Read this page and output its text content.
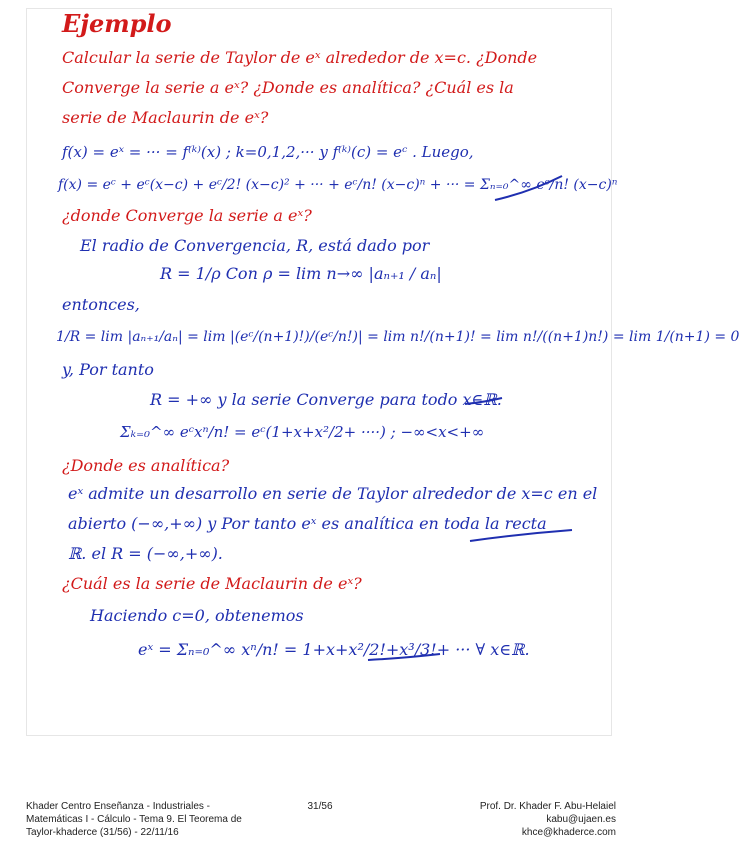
Ejemplo
Calcular la serie de Taylor de eˣ alrededor de x=c. ¿Donde
Converge la serie a eˣ? ¿Donde es analítica? ¿Cuál es la
serie de Maclaurin de eˣ?
f(x) = eˣ = ··· = f⁽ᵏ⁾(x) ; k=0,1,2,··· y f⁽ᵏ⁾(c) = eᶜ . Luego,
f(x) = eᶜ + eᶜ(x−c) + eᶜ/2! (x−c)² + ··· + eᶜ/n! (x−c)ⁿ + ··· = Σₙ₌₀^∞ eᶜ/n! (x−c)ⁿ
¿donde Converge la serie a eˣ?
El radio de Convergencia, R, está dado por
R = 1/ρ Con ρ = lim n→∞ |aₙ₊₁ / aₙ|
entonces,
1/R = lim |aₙ₊₁/aₙ| = lim |(eᶜ/(n+1)!)/(eᶜ/n!)| = lim n!/(n+1)! = lim n!/((n+1)n!) = lim 1/(n+1) = 0
y, Por tanto
R = +∞ y la serie Converge para todo x∈ℝ.
Σₖ₌₀^∞ eᶜxⁿ/n! = eᶜ(1+x+x²/2+ ····) ; −∞<x<+∞
¿Donde es analítica?
eˣ admite un desarrollo en serie de Taylor alrededor de x=c en el
abierto (−∞,+∞) y Por tanto eˣ es analítica en toda la recta
ℝ. el R = (−∞,+∞).
¿Cuál es la serie de Maclaurin de eˣ?
Haciendo c=0, obtenemos
eˣ = Σₙ₌₀^∞ xⁿ/n! = 1+x+x²/2!+x³/3!+ ··· ∀ x∈ℝ.
Khader Centro Enseñanza - Industriales -
Matemáticas I - Cálculo - Tema 9. El Teorema de
Taylor-khaderce (31/56) - 22/11/16
31/56	Prof. Dr. Khader F. Abu-Helaiel
kabu@ujaen.es
khce@khaderce.com
